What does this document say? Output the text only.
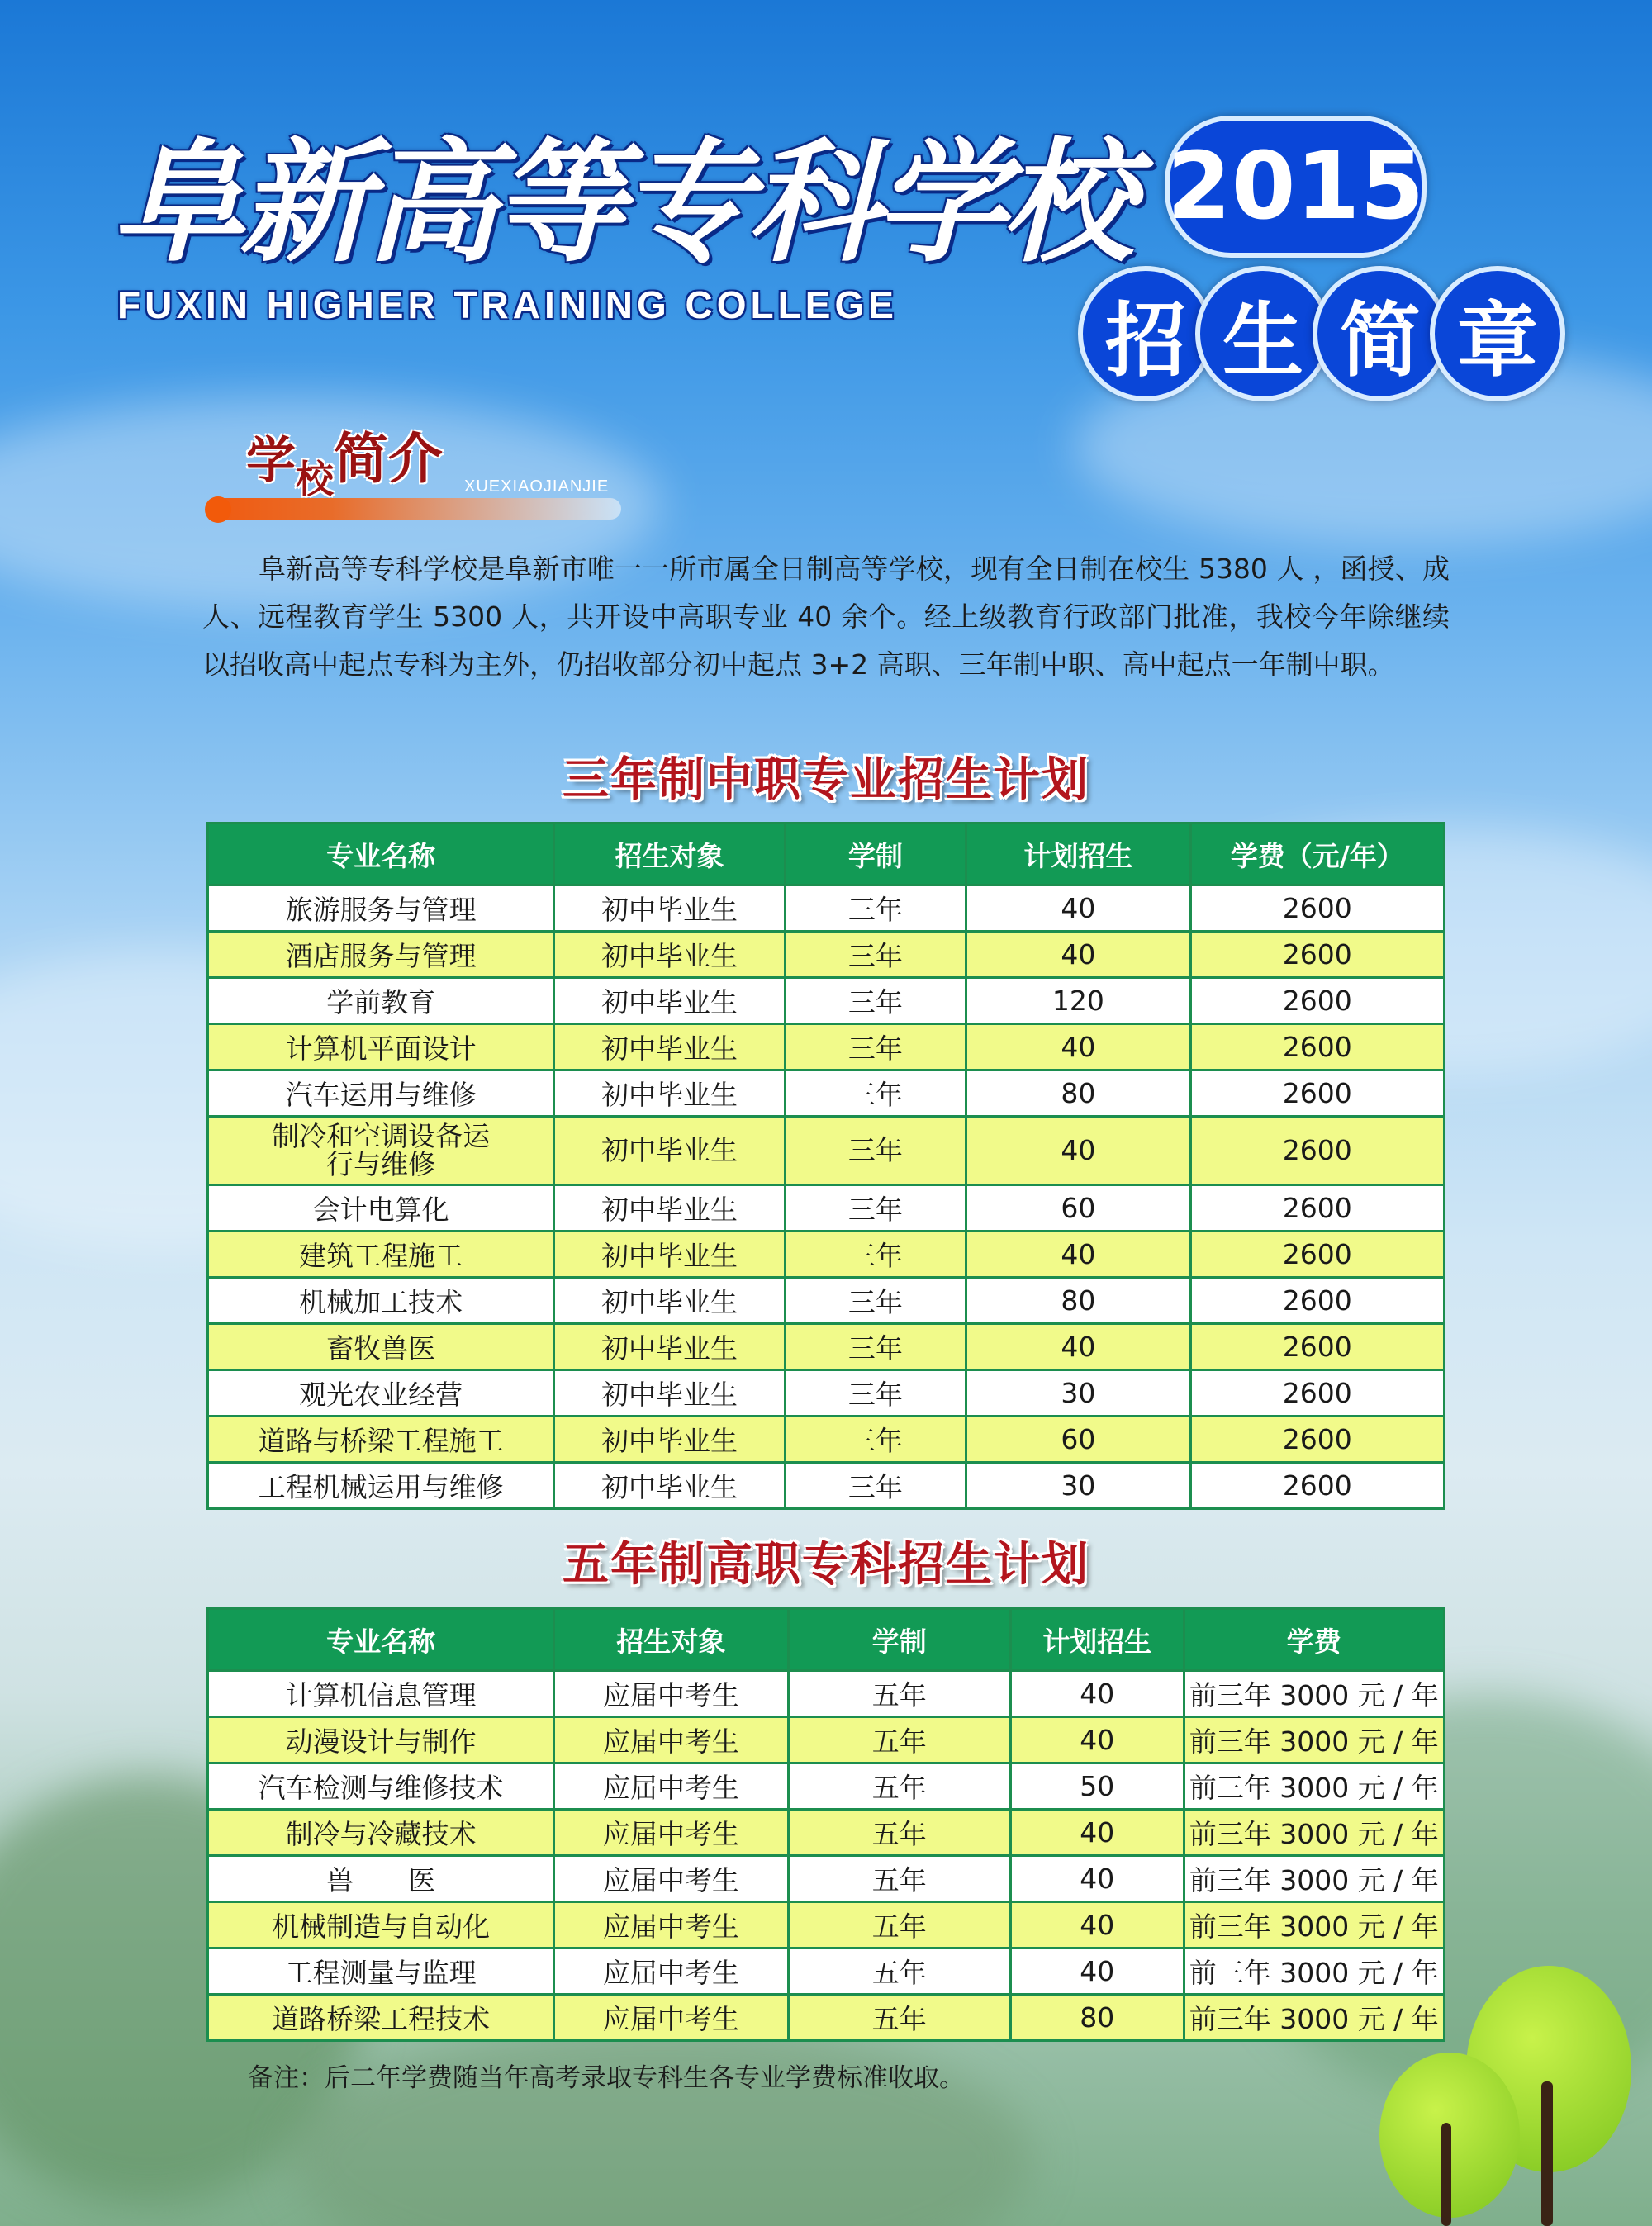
阜新高等专科学校
FUXIN HIGHER TRAINING COLLEGE
2015
招 生 简 章
学校简介 XUEXIAOJIANJIE
阜新高等专科学校是阜新市唯一一所市属全日制高等学校，现有全日制在校生 5380 人 ，函授、成人、远程教育学生 5300 人，共开设中高职专业 40 余个。经上级教育行政部门批准，我校今年除继续以招收高中起点专科为主外，仍招收部分初中起点 3+2 高职、三年制中职、高中起点一年制中职。
三年制中职专业招生计划
专业名称	招生对象	学制	计划招生	学费（元/年）
旅游服务与管理	初中毕业生	三年	40	2600
酒店服务与管理	初中毕业生	三年	40	2600
学前教育	初中毕业生	三年	120	2600
计算机平面设计	初中毕业生	三年	40	2600
汽车运用与维修	初中毕业生	三年	80	2600
制冷和空调设备运行与维修	初中毕业生	三年	40	2600
会计电算化	初中毕业生	三年	60	2600
建筑工程施工	初中毕业生	三年	40	2600
机械加工技术	初中毕业生	三年	80	2600
畜牧兽医	初中毕业生	三年	40	2600
观光农业经营	初中毕业生	三年	30	2600
道路与桥梁工程施工	初中毕业生	三年	60	2600
工程机械运用与维修	初中毕业生	三年	30	2600
五年制高职专科招生计划
专业名称	招生对象	学制	计划招生	学费
计算机信息管理	应届中考生	五年	40	前三年 3000 元 / 年
动漫设计与制作	应届中考生	五年	40	前三年 3000 元 / 年
汽车检测与维修技术	应届中考生	五年	50	前三年 3000 元 / 年
制冷与冷藏技术	应届中考生	五年	40	前三年 3000 元 / 年
兽　　医	应届中考生	五年	40	前三年 3000 元 / 年
机械制造与自动化	应届中考生	五年	40	前三年 3000 元 / 年
工程测量与监理	应届中考生	五年	40	前三年 3000 元 / 年
道路桥梁工程技术	应届中考生	五年	80	前三年 3000 元 / 年
备注：后二年学费随当年高考录取专科生各专业学费标准收取。
